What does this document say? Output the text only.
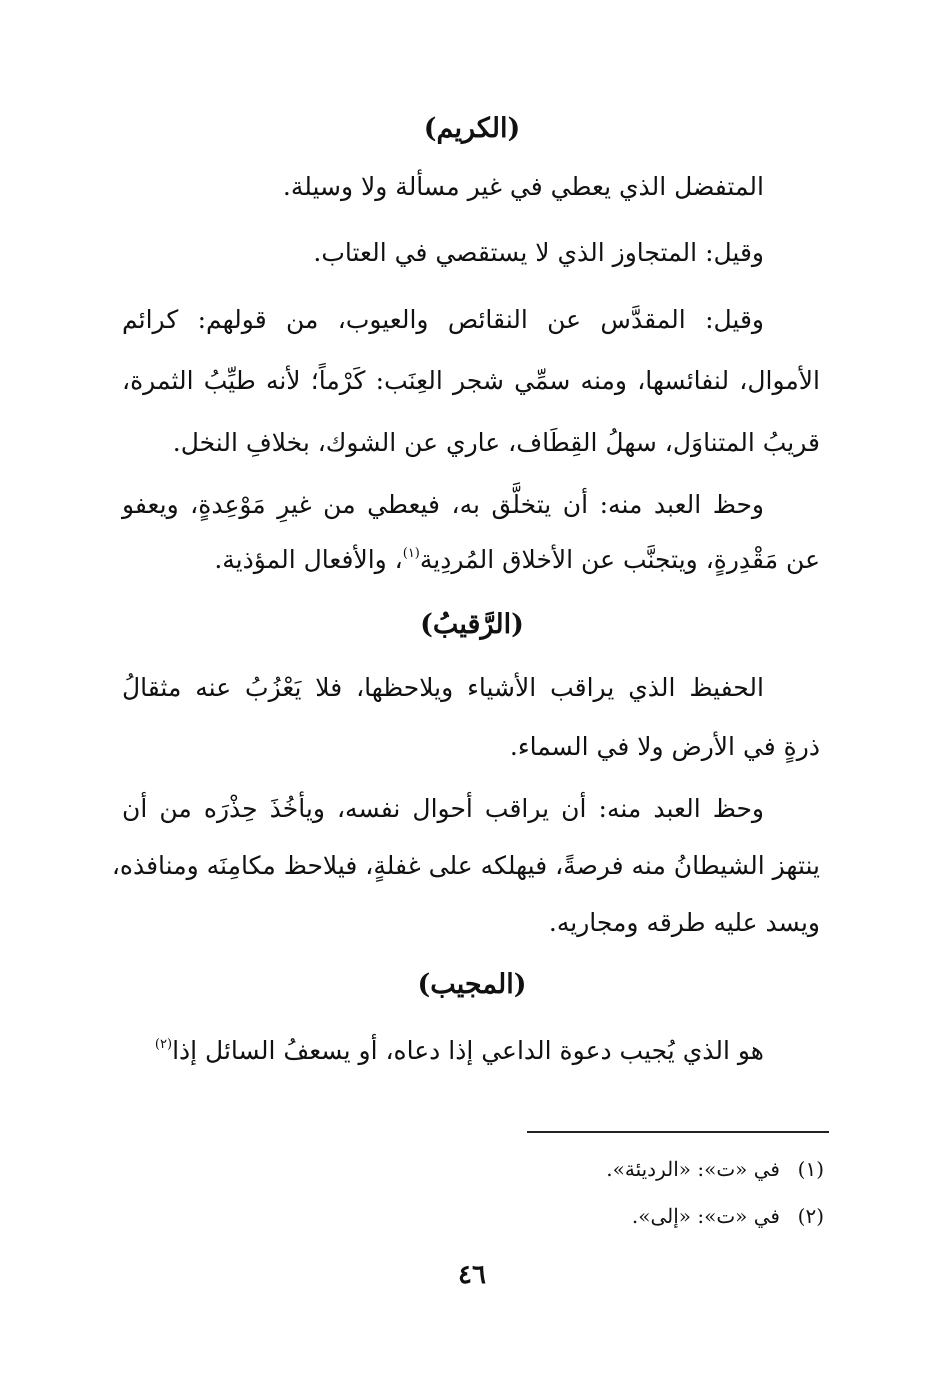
(الكريم)
المتفضل الذي يعطي في غير مسألة ولا وسيلة.
وقيل: المتجاوز الذي لا يستقصي في العتاب.
وقيل: المقدَّس عن النقائص والعيوب، من قولهم: كرائم
الأموال، لنفائسها، ومنه سمِّي شجر العِنَب: كَرْماً؛ لأنه طيِّبُ الثمرة،
قريبُ المتناوَل، سهلُ القِطَاف، عاري عن الشوك، بخلافِ النخل.
وحظ العبد منه: أن يتخلَّق به، فيعطي من غيرِ مَوْعِدةٍ، ويعفو
عن مَقْدِرةٍ، ويتجنَّب عن الأخلاق المُردِية$^{(١)}$، والأفعال المؤذية.
(الرَّقيبُ)
الحفيظ الذي يراقب الأشياء ويلاحظها، فلا يَعْزُبُ عنه مثقالُ
ذرةٍ في الأرض ولا في السماء.
وحظ العبد منه: أن يراقب أحوال نفسه، ويأخُذَ حِذْرَه من أن
ينتهز الشيطانُ منه فرصةً، فيهلكه على غفلةٍ، فيلاحظ مكامِنَه ومنافذه،
ويسد عليه طرقه ومجاريه.
(المجيب)
هو الذي يُجيب دعوة الداعي إذا دعاه، أو يسعفُ السائل إذا$^{(٢)}$
(١)في «ت»: «الرديئة».
(٢)في «ت»: «إلى».
٤٦
